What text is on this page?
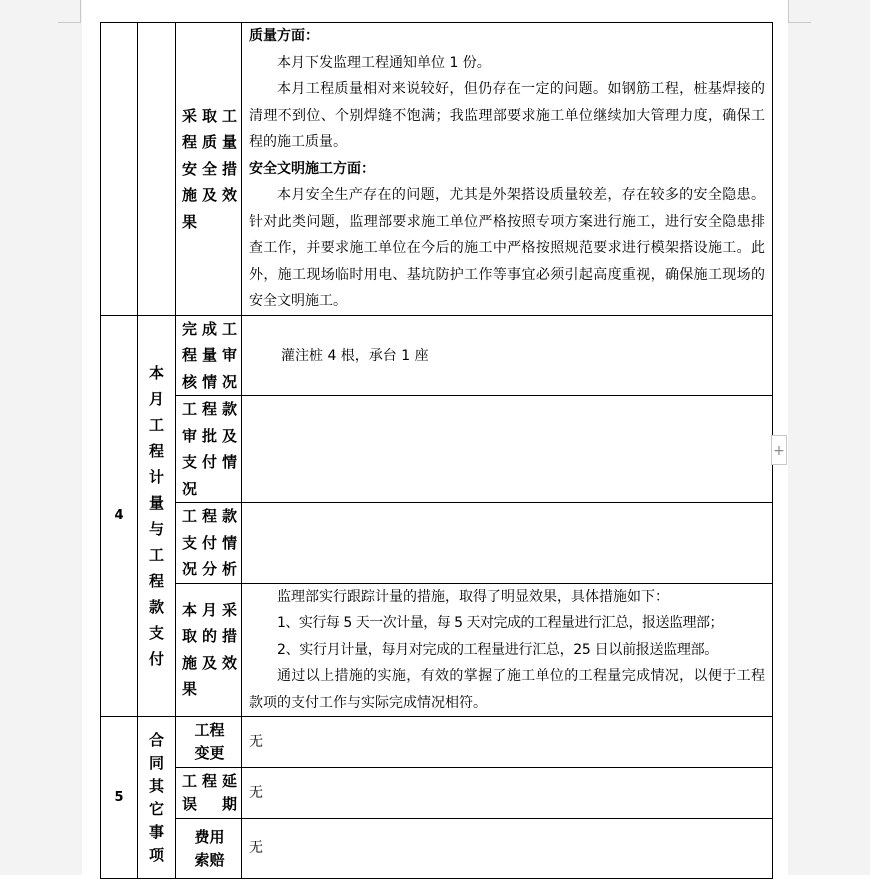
		采取工程质量安全措施及效果	质量方面：

本月下发监理工程通知单位 1 份。

本月工程质量相对来说较好，但仍存在一定的问题。如钢筋工程，桩基焊接的清理不到位、个别焊缝不饱满；我监理部要求施工单位继续加大管理力度，确保工程的施工质量。

安全文明施工方面：

本月安全生产存在的问题，尤其是外架搭设质量较差，存在较多的安全隐患。针对此类问题，监理部要求施工单位严格按照专项方案进行施工，进行安全隐患排查工作，并要求施工单位在今后的施工中严格按照规范要求进行模架搭设施工。此外，施工现场临时用电、基坑防护工作等事宜必须引起高度重视，确保施工现场的安全文明施工。

4	本月工程计量与工程款支付	完成工程量审核情况	灌注桩 4 根，承台 1 座

		工程款审批及支付情况	
		工程款支付情况分析	
		本月采取的措施及效果	监理部实行跟踪计量的措施，取得了明显效果，具体措施如下：

1、实行每 5 天一次计量，每 5 天对完成的工程量进行汇总，报送监理部；

2、实行月计量，每月对完成的工程量进行汇总，25 日以前报送监理部。

通过以上措施的实施，有效的掌握了施工单位的工程量完成情况，以便于工程款项的支付工作与实际完成情况相符。

5	合同其它事项	工程变更	无
		工程延误期	无

		费用索赔	无
+
